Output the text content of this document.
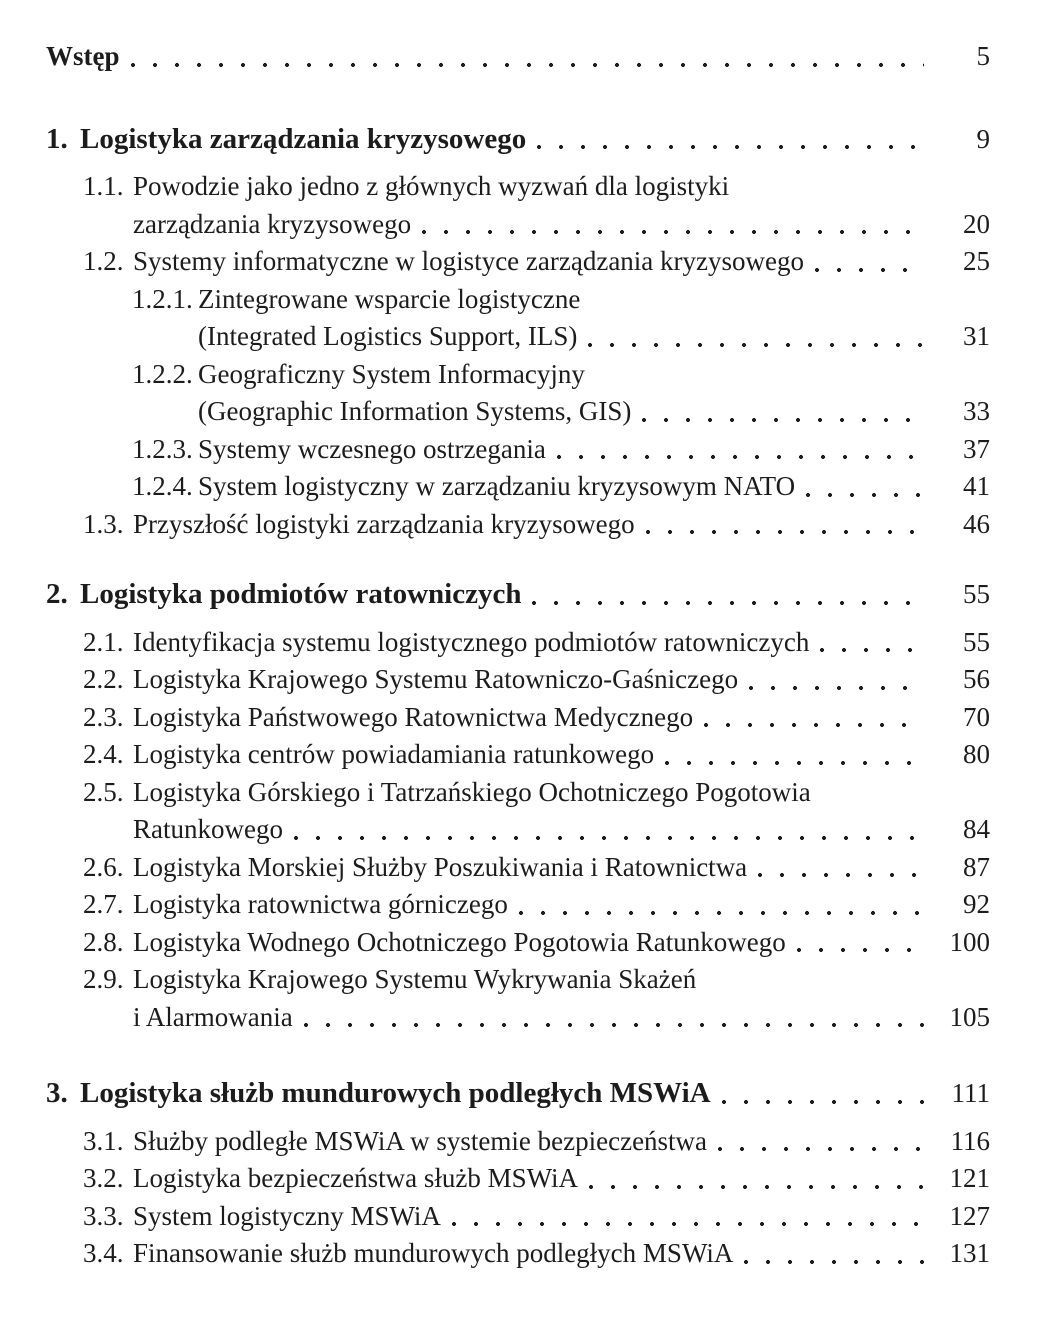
Wstęp	5
1. Logistyka zarządzania kryzysowego	9
1.1. Powodzie jako jedno z głównych wyzwań dla logistyki
zarządzania kryzysowego	20
1.2. Systemy informatyczne w logistyce zarządzania kryzysowego	25
1.2.1. Zintegrowane wsparcie logistyczne
(Integrated Logistics Support, ILS)	31
1.2.2. Geograficzny System Informacyjny
(Geographic Information Systems, GIS)	33
1.2.3. Systemy wczesnego ostrzegania	37
1.2.4. System logistyczny w zarządzaniu kryzysowym NATO	41
1.3. Przyszłość logistyki zarządzania kryzysowego	46
2. Logistyka podmiotów ratowniczych	55
2.1. Identyfikacja systemu logistycznego podmiotów ratowniczych	55
2.2. Logistyka Krajowego Systemu Ratowniczo-Gaśniczego	56
2.3. Logistyka Państwowego Ratownictwa Medycznego	70
2.4. Logistyka centrów powiadamiania ratunkowego	80
2.5. Logistyka Górskiego i Tatrzańskiego Ochotniczego Pogotowia
Ratunkowego	84
2.6. Logistyka Morskiej Służby Poszukiwania i Ratownictwa	87
2.7. Logistyka ratownictwa górniczego	92
2.8. Logistyka Wodnego Ochotniczego Pogotowia Ratunkowego	100
2.9. Logistyka Krajowego Systemu Wykrywania Skażeń
i Alarmowania	105
3. Logistyka służb mundurowych podległych MSWiA	111
3.1. Służby podległe MSWiA w systemie bezpieczeństwa	116
3.2. Logistyka bezpieczeństwa służb MSWiA	121
3.3. System logistyczny MSWiA	127
3.4. Finansowanie służb mundurowych podległych MSWiA	131
